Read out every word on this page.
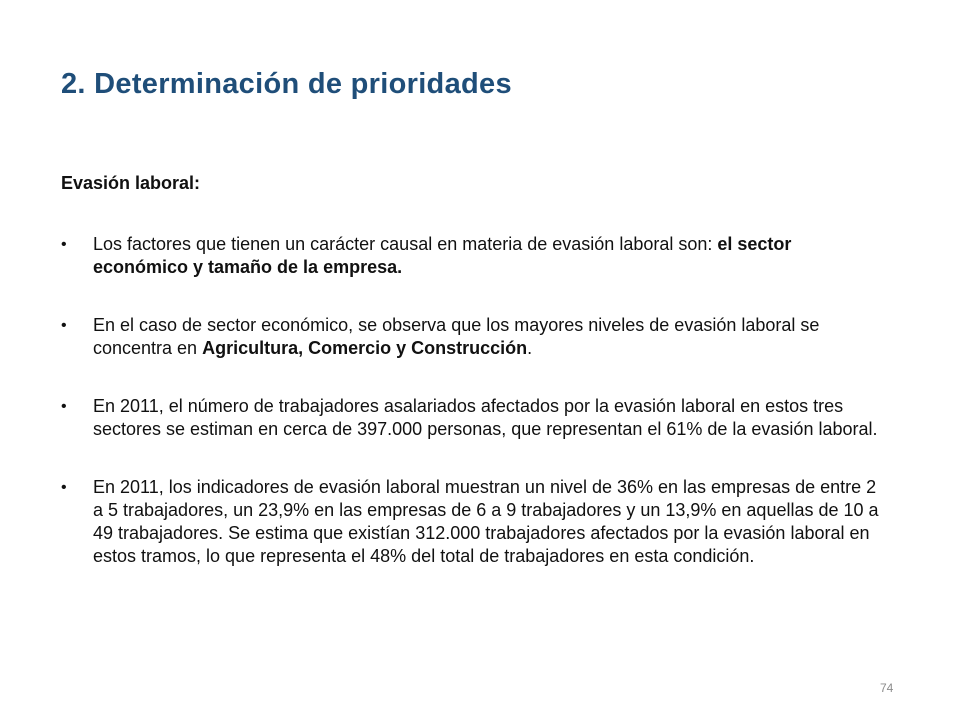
2. Determinación de prioridades
Evasión laboral:
• Los factores que tienen un carácter causal en materia de evasión laboral son: el sector económico y tamaño de la empresa.
• En el caso de sector económico, se observa que los mayores niveles de evasión laboral se concentra en Agricultura, Comercio y Construcción.
• En 2011, el número de trabajadores asalariados afectados por la evasión laboral en estos tres sectores se estiman en cerca de 397.000 personas, que representan el 61% de la evasión laboral.
• En 2011, los indicadores de evasión laboral muestran un nivel de 36% en las empresas de entre 2 a 5 trabajadores, un 23,9% en las empresas de 6 a 9 trabajadores y un 13,9% en aquellas de 10 a 49 trabajadores. Se estima que existían 312.000 trabajadores afectados por la evasión laboral en estos tramos, lo que representa el 48% del total de trabajadores en esta condición.
74
